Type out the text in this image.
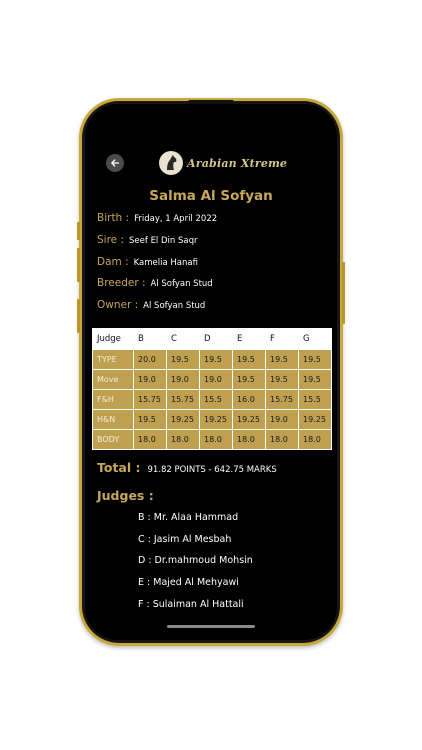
Arabian Xtreme
Salma Al Sofyan
Birth : Friday, 1 April 2022
Sire : Seef El Din Saqr
Dam : Kamelia Hanafi
Breeder : Al Sofyan Stud
Owner : Al Sofyan Stud
Judge	B	C	D	E	F	G
TYPE	20.0	19.5	19.5	19.5	19.5	19.5
Move	19.0	19.0	19.0	19.5	19.5	19.5
F&H	15.75	15.75	15.5	16.0	15.75	15.5
H&N	19.5	19.25	19.25	19.25	19.0	19.25
BODY	18.0	18.0	18.0	18.0	18.0	18.0
Total : 91.82 POINTS - 642.75 MARKS
Judges :
B : Mr. Alaa Hammad
C : Jasim Al Mesbah
D : Dr.mahmoud Mohsin
E : Majed Al Mehyawi
F : Sulaiman Al Hattali
